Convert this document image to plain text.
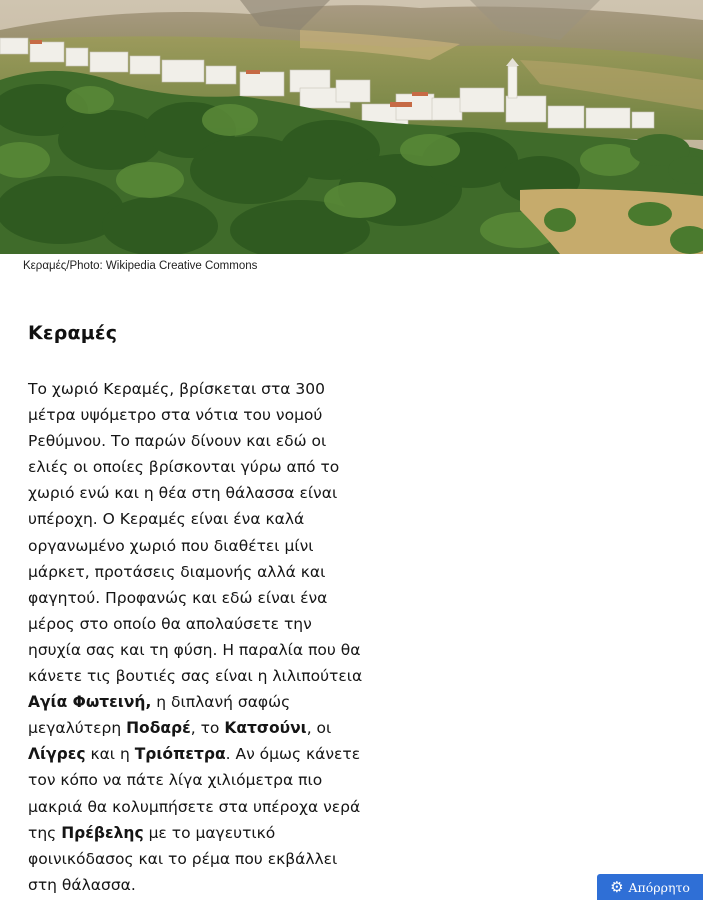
Κεραμές/Photo: Wikipedia Creative Commons
Κεραμές
Το χωριό Κεραμές, βρίσκεται στα 300
μέτρα υψόμετρο στα νότια του νομού
Ρεθύμνου. Το παρών δίνουν και εδώ οι
ελιές οι οποίες βρίσκονται γύρω από το
χωριό ενώ και η θέα στη θάλασσα είναι
υπέροχη. Ο Κεραμές είναι ένα καλά
οργανωμένο χωριό που διαθέτει μίνι
μάρκετ, προτάσεις διαμονής αλλά και
φαγητού. Προφανώς και εδώ είναι ένα
μέρος στο οποίο θα απολαύσετε την
ησυχία σας και τη φύση. Η παραλία που θα
κάνετε τις βουτιές σας είναι η λιλιπούτεια
Αγία Φωτεινή, η διπλανή σαφώς
μεγαλύτερη Ποδαρέ, το Κατσούνι, οι
Λίγρες και η Τριόπετρα. Αν όμως κάνετε
τον κόπο να πάτε λίγα χιλιόμετρα πιο
μακριά θα κολυμπήσετε στα υπέροχα νερά
της Πρέβελης με το μαγευτικό
φοινικόδασος και το ρέμα που εκβάλλει
στη θάλασσα.	⚙ Απόρρητο
